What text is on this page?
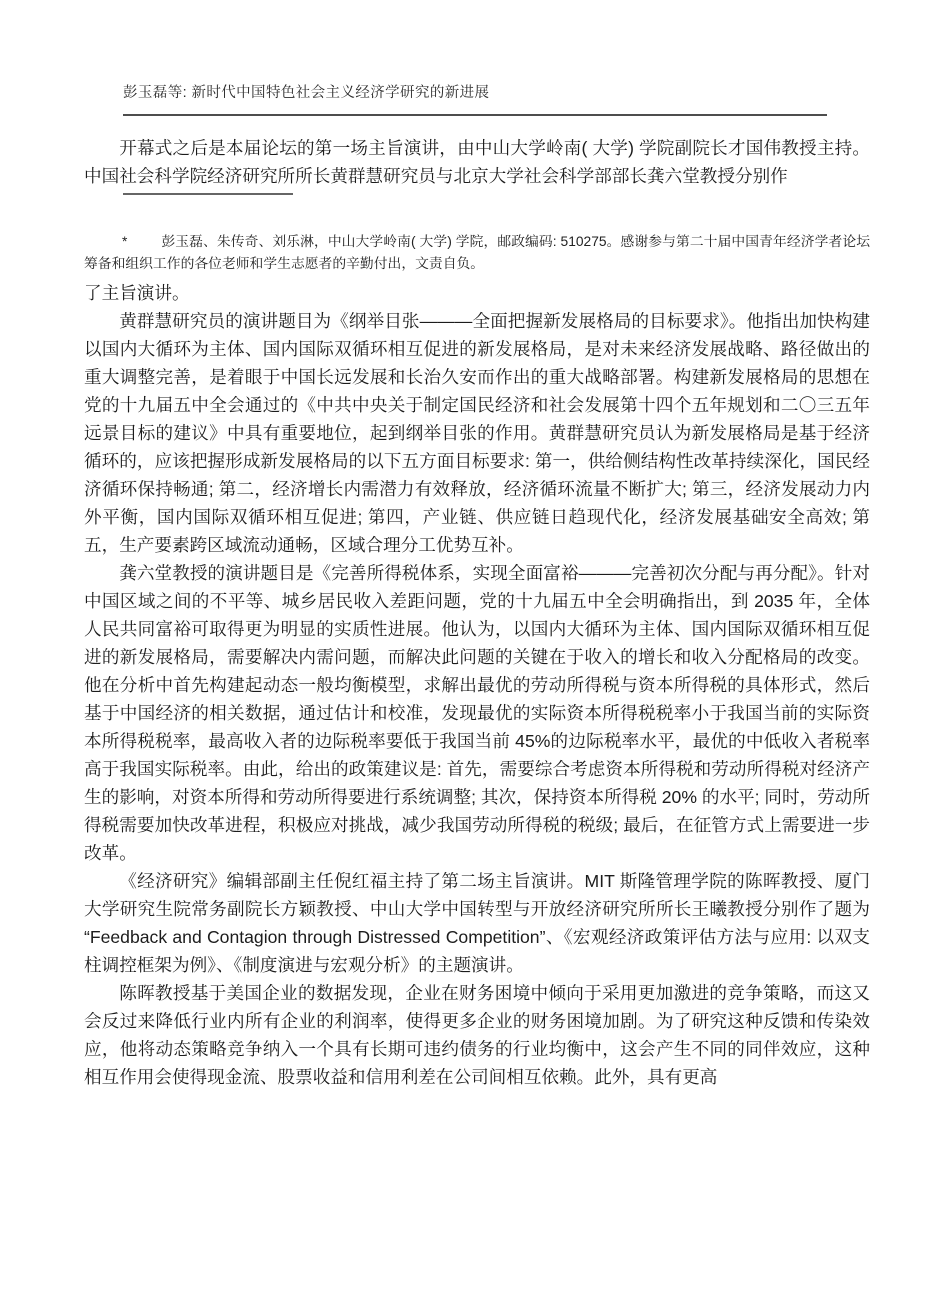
彭玉磊等: 新时代中国特色社会主义经济学研究的新进展

开幕式之后是本届论坛的第一场主旨演讲，由中山大学岭南( 大学) 学院副院长才国伟教授主持。中国社会科学院经济研究所所长黄群慧研究员与北京大学社会科学部部长龚六堂教授分别作

* 彭玉磊、朱传奇、刘乐淋，中山大学岭南( 大学) 学院，邮政编码: 510275。感谢参与第二十届中国青年经济学者论坛筹备和组织工作的各位老师和学生志愿者的辛勤付出，文责自负。

了主旨演讲。

黄群慧研究员的演讲题目为《纲举目张———全面把握新发展格局的目标要求》。他指出加快构建以国内大循环为主体、国内国际双循环相互促进的新发展格局，是对未来经济发展战略、路径做出的重大调整完善，是着眼于中国长远发展和长治久安而作出的重大战略部署。构建新发展格局的思想在党的十九届五中全会通过的《中共中央关于制定国民经济和社会发展第十四个五年规划和二〇三五年远景目标的建议》中具有重要地位，起到纲举目张的作用。黄群慧研究员认为新发展格局是基于经济循环的，应该把握形成新发展格局的以下五方面目标要求: 第一，供给侧结构性改革持续深化，国民经济循环保持畅通; 第二，经济增长内需潜力有效释放，经济循环流量不断扩大; 第三，经济发展动力内外平衡，国内国际双循环相互促进; 第四，产业链、供应链日趋现代化，经济发展基础安全高效; 第五，生产要素跨区域流动通畅，区域合理分工优势互补。

龚六堂教授的演讲题目是《完善所得税体系，实现全面富裕———完善初次分配与再分配》。针对中国区域之间的不平等、城乡居民收入差距问题，党的十九届五中全会明确指出，到 2035 年，全体人民共同富裕可取得更为明显的实质性进展。他认为，以国内大循环为主体、国内国际双循环相互促进的新发展格局，需要解决内需问题，而解决此问题的关键在于收入的增长和收入分配格局的改变。他在分析中首先构建起动态一般均衡模型，求解出最优的劳动所得税与资本所得税的具体形式，然后基于中国经济的相关数据，通过估计和校准，发现最优的实际资本所得税税率小于我国当前的实际资本所得税税率，最高收入者的边际税率要低于我国当前 45%的边际税率水平，最优的中低收入者税率高于我国实际税率。由此，给出的政策建议是: 首先，需要综合考虑资本所得税和劳动所得税对经济产生的影响，对资本所得和劳动所得要进行系统调整; 其次，保持资本所得税 20% 的水平; 同时，劳动所得税需要加快改革进程，积极应对挑战，减少我国劳动所得税的税级; 最后，在征管方式上需要进一步改革。

《经济研究》编辑部副主任倪红福主持了第二场主旨演讲。MIT 斯隆管理学院的陈晖教授、厦门大学研究生院常务副院长方颖教授、中山大学中国转型与开放经济研究所所长王曦教授分别作了题为 “Feedback and Contagion through Distressed Competition”、《宏观经济政策评估方法与应用: 以双支柱调控框架为例》、《制度演进与宏观分析》的主题演讲。

陈晖教授基于美国企业的数据发现，企业在财务困境中倾向于采用更加激进的竞争策略，而这又会反过来降低行业内所有企业的利润率，使得更多企业的财务困境加剧。为了研究这种反馈和传染效应，他将动态策略竞争纳入一个具有长期可违约债务的行业均衡中，这会产生不同的同伴效应，这种相互作用会使得现金流、股票收益和信用利差在公司间相互依赖。此外，具有更高
